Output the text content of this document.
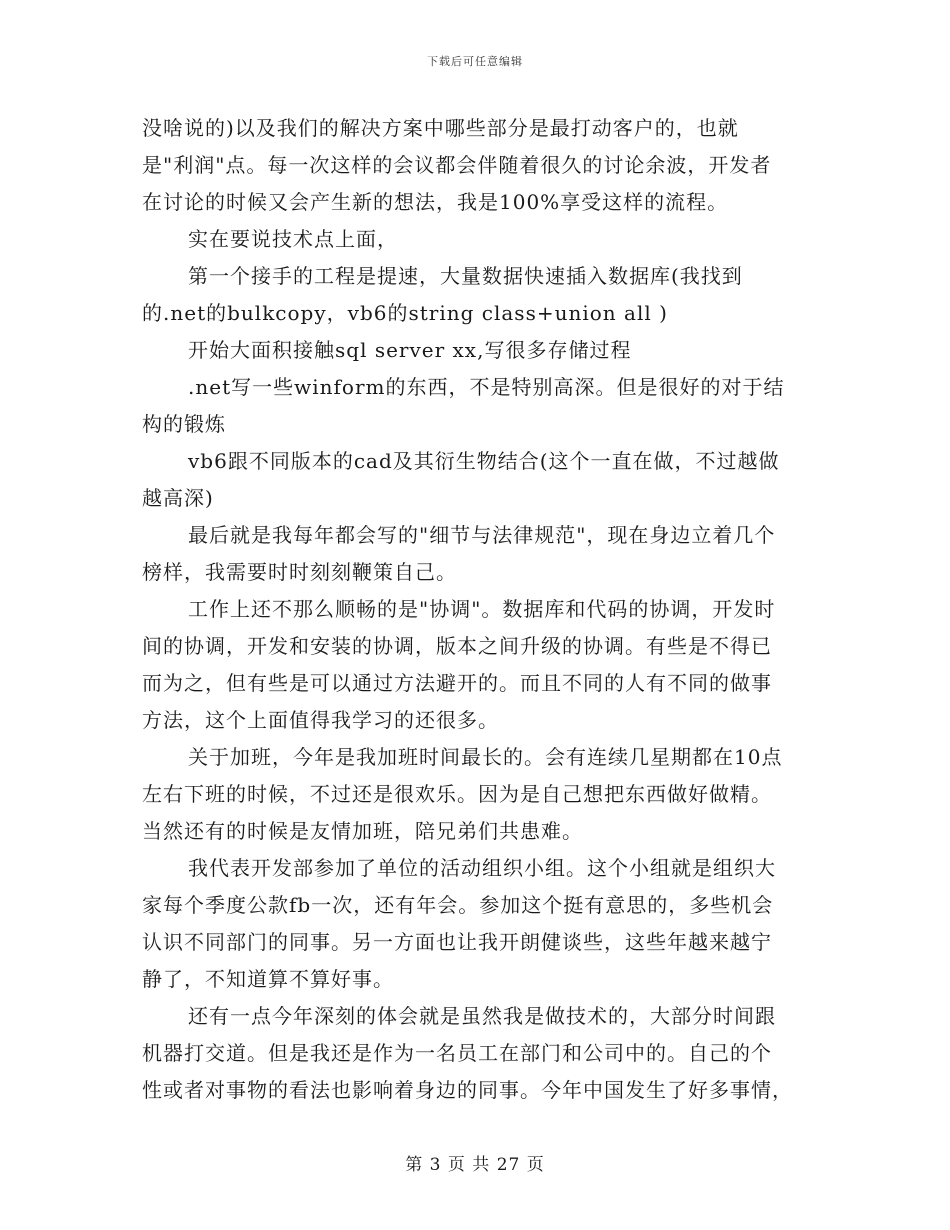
下载后可任意编辑
没啥说的)以及我们的解决方案中哪些部分是最打动客户的，也就
是"利润"点。每一次这样的会议都会伴随着很久的讨论余波，开发者
在讨论的时候又会产生新的想法，我是100%享受这样的流程。
实在要说技术点上面，
第一个接手的工程是提速，大量数据快速插入数据库(我找到
的.net的bulkcopy，vb6的string class+union all )
开始大面积接触sql server xx,写很多存储过程
.net写一些winform的东西，不是特别高深。但是很好的对于结
构的锻炼
vb6跟不同版本的cad及其衍生物结合(这个一直在做，不过越做
越高深)
最后就是我每年都会写的"细节与法律规范"，现在身边立着几个
榜样，我需要时时刻刻鞭策自己。
工作上还不那么顺畅的是"协调"。数据库和代码的协调，开发时
间的协调，开发和安装的协调，版本之间升级的协调。有些是不得已
而为之，但有些是可以通过方法避开的。而且不同的人有不同的做事
方法，这个上面值得我学习的还很多。
关于加班，今年是我加班时间最长的。会有连续几星期都在10点
左右下班的时候，不过还是很欢乐。因为是自己想把东西做好做精。
当然还有的时候是友情加班，陪兄弟们共患难。
我代表开发部参加了单位的活动组织小组。这个小组就是组织大
家每个季度公款fb一次，还有年会。参加这个挺有意思的，多些机会
认识不同部门的同事。另一方面也让我开朗健谈些，这些年越来越宁
静了，不知道算不算好事。
还有一点今年深刻的体会就是虽然我是做技术的，大部分时间跟
机器打交道。但是我还是作为一名员工在部门和公司中的。自己的个
性或者对事物的看法也影响着身边的同事。今年中国发生了好多事情，
第 3 页 共 27 页
